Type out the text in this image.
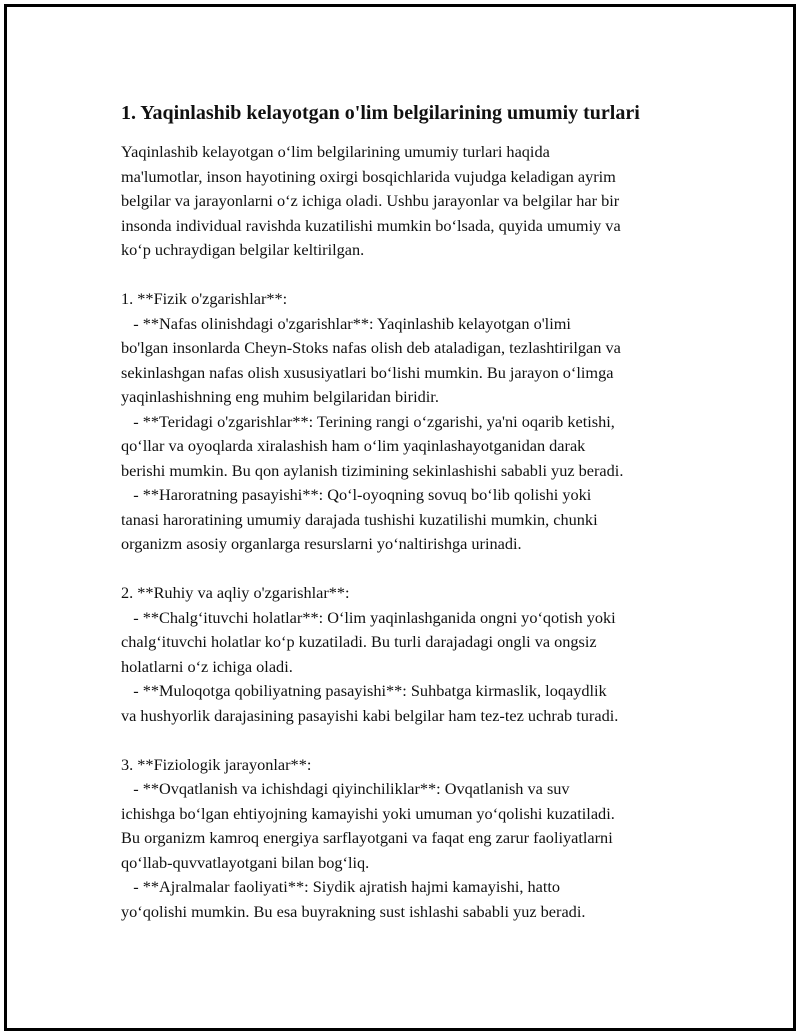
1. Yaqinlashib kelayotgan o'lim belgilarining umumiy turlari
Yaqinlashib kelayotgan o‘lim belgilarining umumiy turlari haqida
ma'lumotlar, inson hayotining oxirgi bosqichlarida vujudga keladigan ayrim
belgilar va jarayonlarni o‘z ichiga oladi. Ushbu jarayonlar va belgilar har bir
insonda individual ravishda kuzatilishi mumkin bo‘lsada, quyida umumiy va
ko‘p uchraydigan belgilar keltirilgan.

1. **Fizik o'zgarishlar**:
- **Nafas olinishdagi o'zgarishlar**: Yaqinlashib kelayotgan o'limi
bo'lgan insonlarda Cheyn-Stoks nafas olish deb ataladigan, tezlashtirilgan va
sekinlashgan nafas olish xususiyatlari bo‘lishi mumkin. Bu jarayon o‘limga
yaqinlashishning eng muhim belgilaridan biridir.
- **Teridagi o'zgarishlar**: Terining rangi o‘zgarishi, ya'ni oqarib ketishi,
qo‘llar va oyoqlarda xiralashish ham o‘lim yaqinlashayotganidan darak
berishi mumkin. Bu qon aylanish tizimining sekinlashishi sababli yuz beradi.
- **Haroratning pasayishi**: Qo‘l-oyoqning sovuq bo‘lib qolishi yoki
tanasi haroratining umumiy darajada tushishi kuzatilishi mumkin, chunki
organizm asosiy organlarga resurslarni yo‘naltirishga urinadi.

2. **Ruhiy va aqliy o'zgarishlar**:
- **Chalg‘ituvchi holatlar**: O‘lim yaqinlashganida ongni yo‘qotish yoki
chalg‘ituvchi holatlar ko‘p kuzatiladi. Bu turli darajadagi ongli va ongsiz
holatlarni o‘z ichiga oladi.
- **Muloqotga qobiliyatning pasayishi**: Suhbatga kirmaslik, loqaydlik
va hushyorlik darajasining pasayishi kabi belgilar ham tez-tez uchrab turadi.

3. **Fiziologik jarayonlar**:
- **Ovqatlanish va ichishdagi qiyinchiliklar**: Ovqatlanish va suv
ichishga bo‘lgan ehtiyojning kamayishi yoki umuman yo‘qolishi kuzatiladi.
Bu organizm kamroq energiya sarflayotgani va faqat eng zarur faoliyatlarni
qo‘llab-quvvatlayotgani bilan bog‘liq.
- **Ajralmalar faoliyati**: Siydik ajratish hajmi kamayishi, hatto
yo‘qolishi mumkin. Bu esa buyrakning sust ishlashi sababli yuz beradi.
